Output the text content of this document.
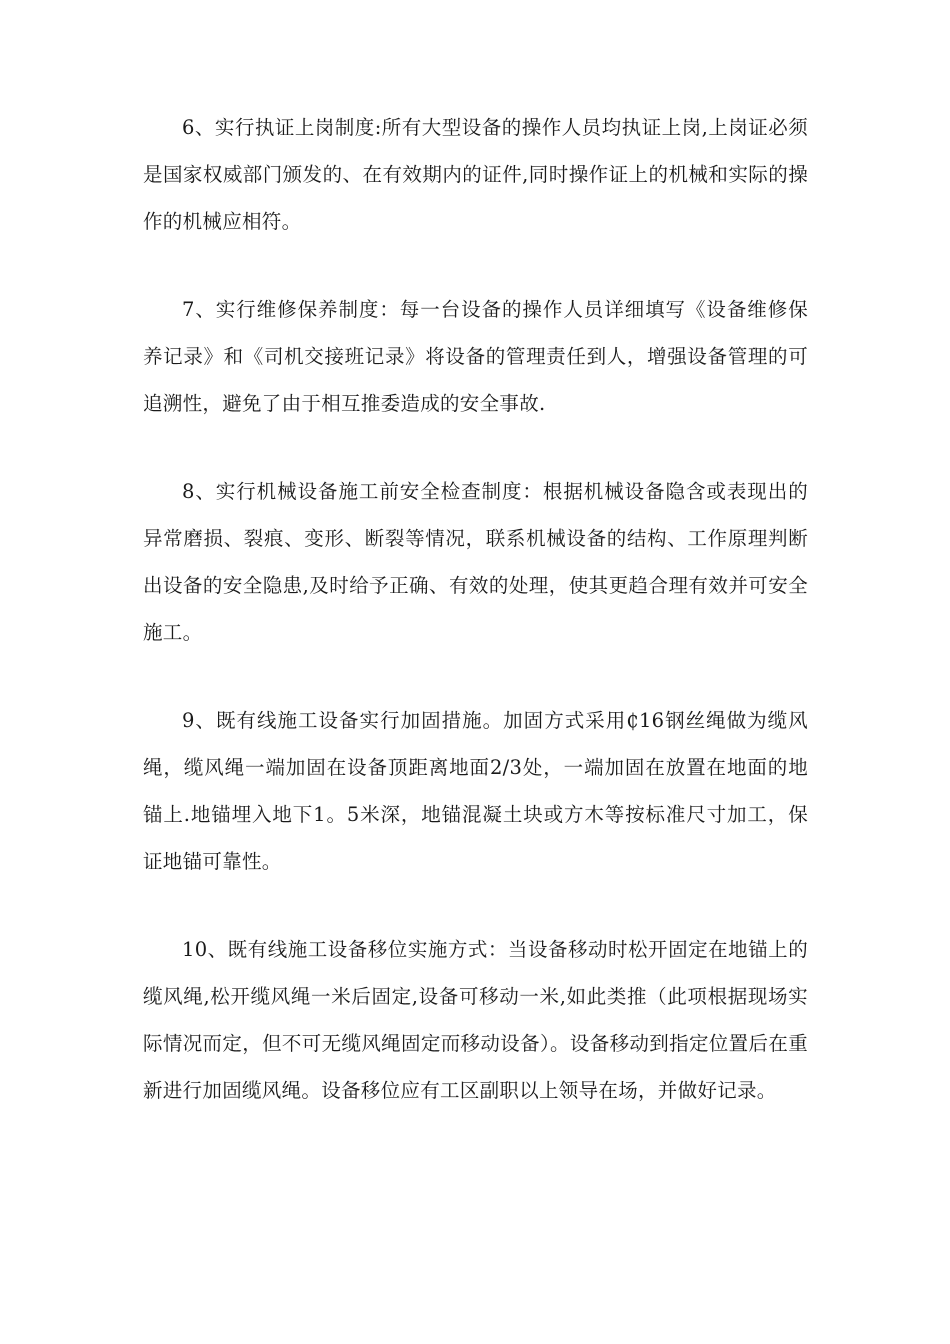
6、实行执证上岗制度:所有大型设备的操作人员均执证上岗,上岗证必须是国家权威部门颁发的、在有效期内的证件,同时操作证上的机械和实际的操作的机械应相符。

7、实行维修保养制度：每一台设备的操作人员详细填写《设备维修保养记录》和《司机交接班记录》将设备的管理责任到人，增强设备管理的可追溯性，避免了由于相互推委造成的安全事故.

8、实行机械设备施工前安全检查制度：根据机械设备隐含或表现出的异常磨损、裂痕、变形、断裂等情况，联系机械设备的结构、工作原理判断出设备的安全隐患,及时给予正确、有效的处理，使其更趋合理有效并可安全施工。

9、既有线施工设备实行加固措施。加固方式采用₵16钢丝绳做为缆风绳，缆风绳一端加固在设备顶距离地面2/3处，一端加固在放置在地面的地锚上.地锚埋入地下1。5米深，地锚混凝土块或方木等按标准尺寸加工，保证地锚可靠性。

10、既有线施工设备移位实施方式：当设备移动时松开固定在地锚上的缆风绳,松开缆风绳一米后固定,设备可移动一米,如此类推（此项根据现场实际情况而定，但不可无缆风绳固定而移动设备）。设备移动到指定位置后在重新进行加固缆风绳。设备移位应有工区副职以上领导在场，并做好记录。
